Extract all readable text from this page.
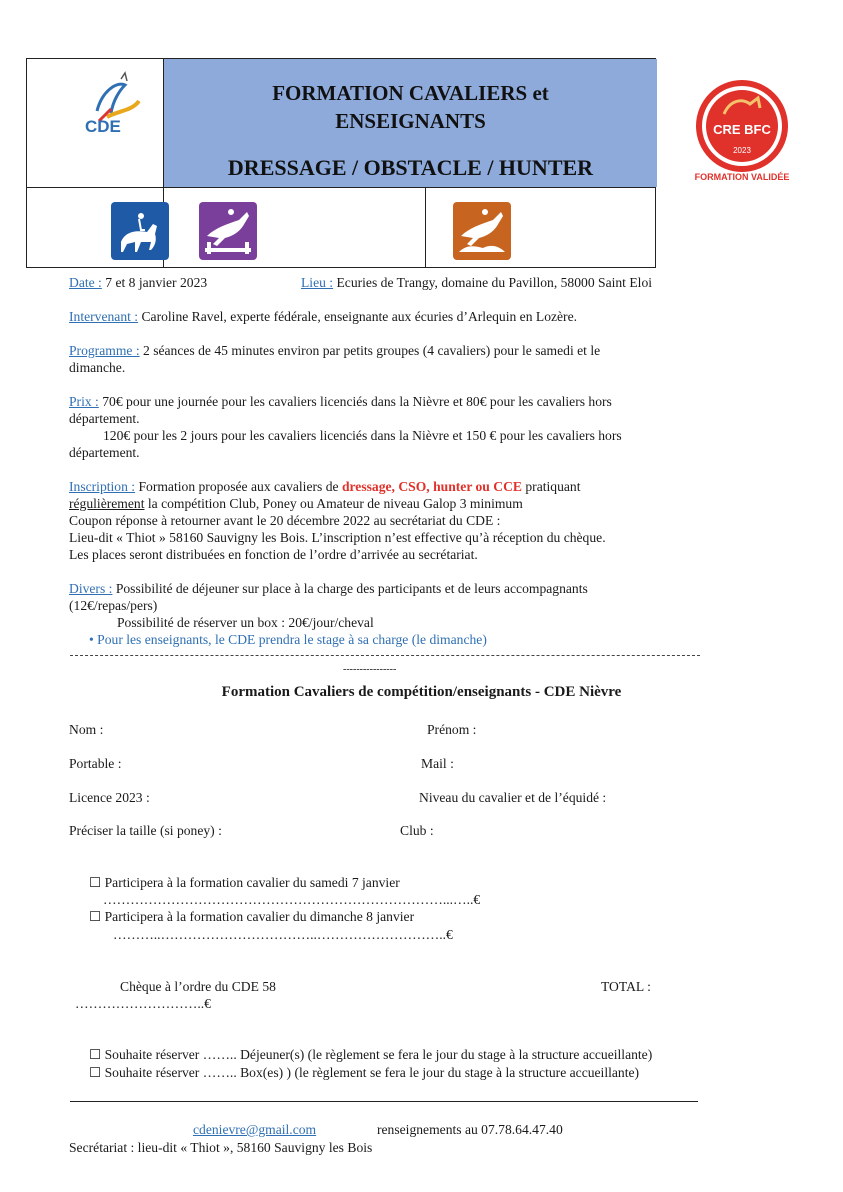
CDE
FORMATION CAVALIERS et
ENSEIGNANTS
DRESSAGE / OBSTACLE / HUNTER
CRE BFC
2023
FORMATION VALIDÉE
Date : 7 et 8 janvier 2023	Lieu : Ecuries de Trangy, domaine du Pavillon, 58000 Saint Eloi
Intervenant : Caroline Ravel, experte fédérale, enseignante aux écuries d’Arlequin en Lozère.
Programme : 2 séances de 45 minutes environ par petits groupes (4 cavaliers) pour le samedi et le
dimanche.
Prix : 70€ pour une journée pour les cavaliers licenciés dans la Nièvre et 80€ pour les cavaliers hors
département.
120€ pour les 2 jours pour les cavaliers licenciés dans la Nièvre et 150 € pour les cavaliers hors
département.
Inscription : Formation proposée aux cavaliers de dressage, CSO, hunter ou CCE pratiquant
régulièrement la compétition Club, Poney ou Amateur de niveau Galop 3 minimum
Coupon réponse à retourner avant le 20 décembre 2022 au secrétariat du CDE :
Lieu-dit « Thiot » 58160 Sauvigny les Bois. L’inscription n’est effective qu’à réception du chèque.
Les places seront distribuées en fonction de l’ordre d’arrivée au secrétariat.
Divers : Possibilité de déjeuner sur place à la charge des participants et de leurs accompagnants
(12€/repas/pers)
Possibilité de réserver un box : 20€/jour/cheval
• Pour les enseignants, le CDE prendra le stage à sa charge (le dimanche)
----------------
Formation Cavaliers de compétition/enseignants - CDE Nièvre
Nom :	Prénom :
Portable :	Mail :
Licence 2023 :	Niveau du cavalier et de l’équidé :
Préciser la taille (si poney) :	Club :
☐ Participera à la formation cavalier du samedi 7 janvier
…………………………………………………………………...…..€
☐ Participera à la formation cavalier du dimanche 8 janvier
………..……………………………..………………………..€
Chèque à l’ordre du CDE 58	TOTAL :
………………………..€
☐ Souhaite réserver …….. Déjeuner(s) (le règlement se fera le jour du stage à la structure accueillante)
☐ Souhaite réserver …….. Box(es) ) (le règlement se fera le jour du stage à la structure accueillante)
cdenievre@gmail.com	renseignements au 07.78.64.47.40
Secrétariat : lieu-dit « Thiot », 58160 Sauvigny les Bois
